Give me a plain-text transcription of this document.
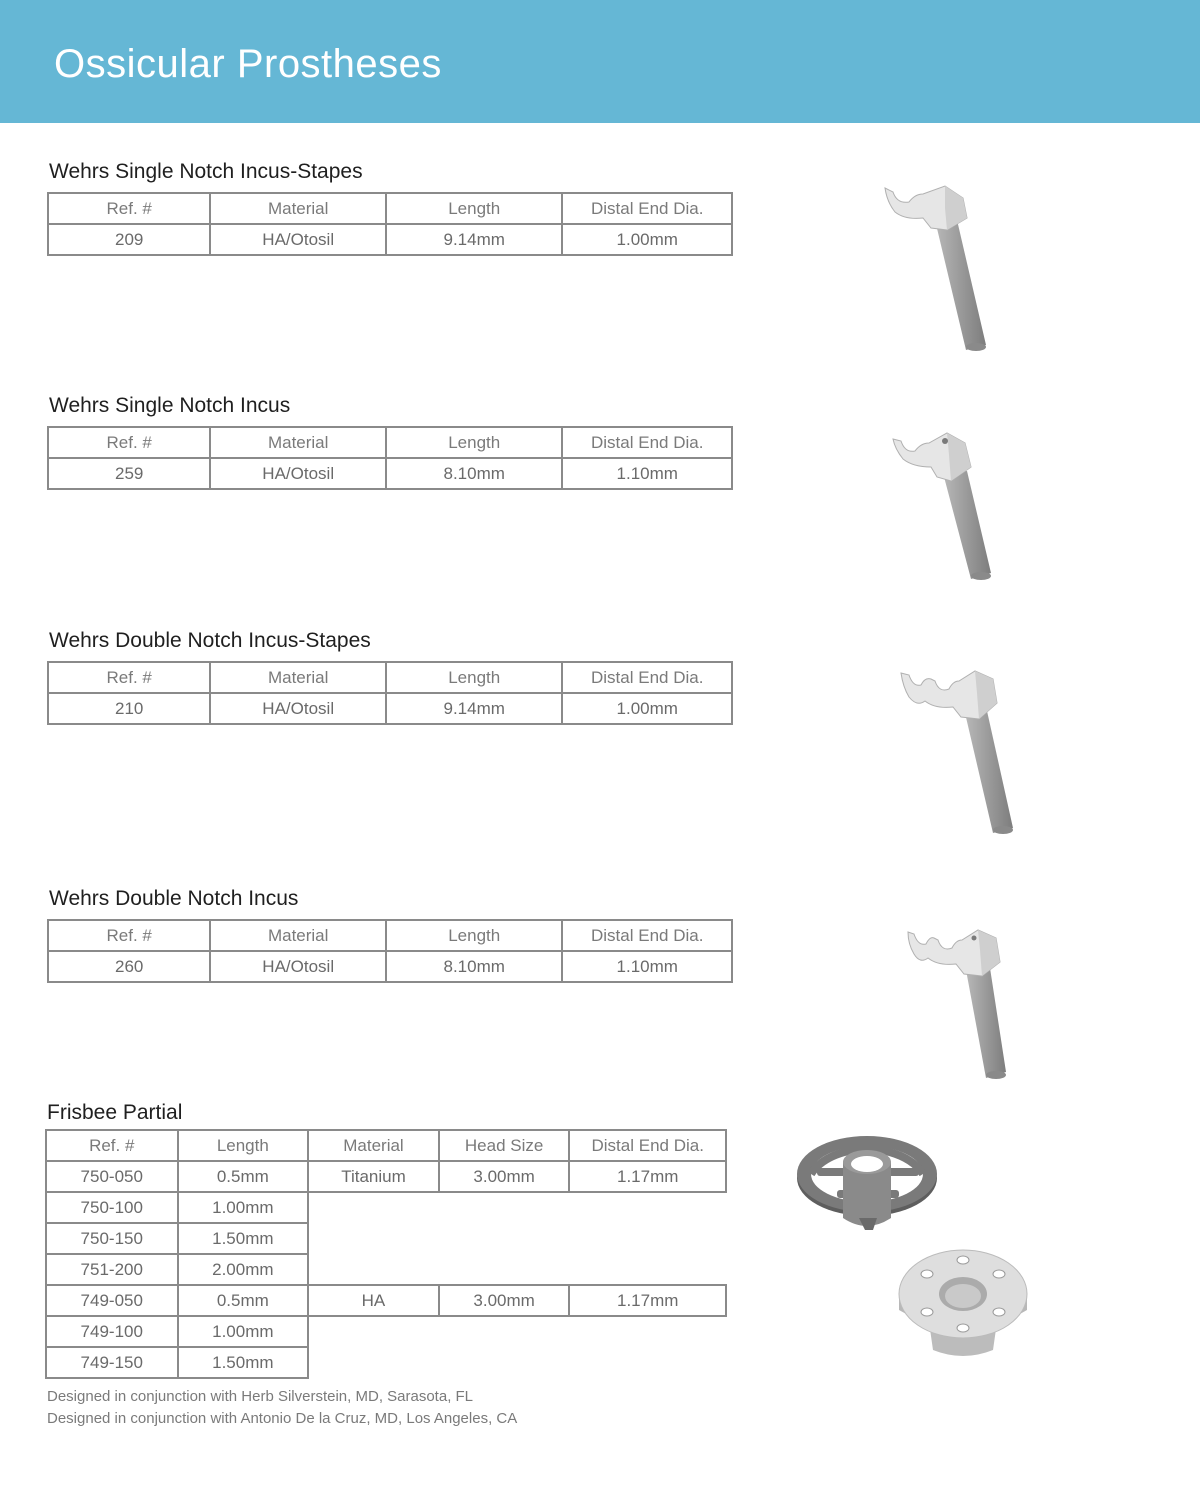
Ossicular Prostheses
Wehrs Single Notch Incus-Stapes
Ref. #	Material	Length	Distal End Dia.
209	HA/Otosil	9.14mm	1.00mm
Wehrs Single Notch Incus
Ref. #	Material	Length	Distal End Dia.
259	HA/Otosil	8.10mm	1.10mm
Wehrs Double Notch Incus-Stapes
Ref. #	Material	Length	Distal End Dia.
210	HA/Otosil	9.14mm	1.00mm
Wehrs Double Notch Incus
Ref. #	Material	Length	Distal End Dia.
260	HA/Otosil	8.10mm	1.10mm
Frisbee Partial
Ref. #	Length	Material	Head Size	Distal End Dia.
750-050	0.5mm	Titanium	3.00mm	1.17mm
750-100	1.00mm			
750-150	1.50mm			
751-200	2.00mm			
749-050	0.5mm	HA	3.00mm	1.17mm
749-100	1.00mm			
749-150	1.50mm			
Designed in conjunction with Herb Silverstein, MD, Sarasota, FL
Designed in conjunction with Antonio De la Cruz, MD, Los Angeles, CA
